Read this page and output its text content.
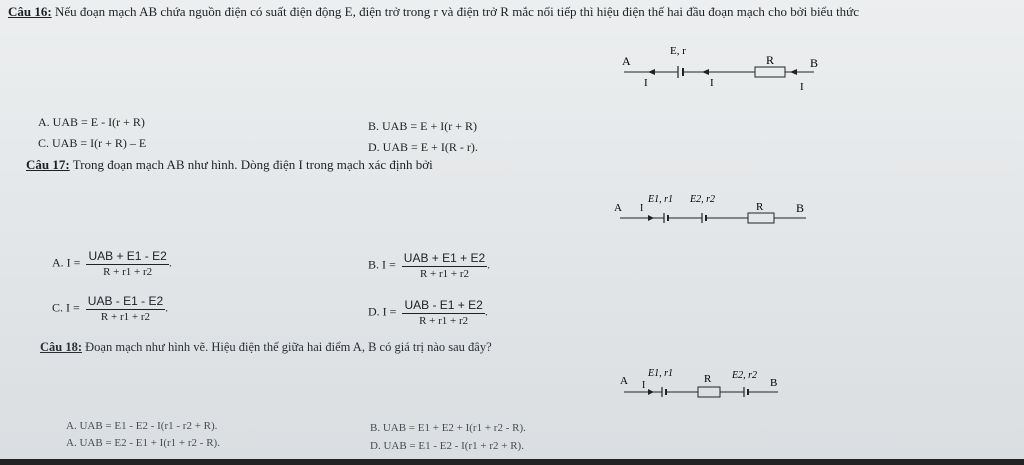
Câu 16: Nếu đoạn mạch AB chứa nguồn điện có suất điện động E, điện trở trong r và điện trở R mắc nối tiếp thì hiệu điện thế hai đầu đoạn mạch cho bởi biểu thức
A	B
E, r
R
I	I	I
A. UAB = E - I(r + R)	B. UAB = E + I(r + R)
C. UAB = I(r + R) – E	D. UAB = E + I(R - r).
Câu 17: Trong đoạn mạch AB như hình. Dòng điện I trong mạch xác định bởi
A	B
I
E1, r1 E2, r2
R
A. $I = \frac{\text{UAB + E1 - E2}}{R + r1 + r2}$ .	B. $I = \frac{\text{UAB + E1 + E2}}{R + r1 + r2}$ .
C. $I = \frac{\text{UAB - E1 - E2}}{R + r1 + r2}$ .	D. $I = \frac{\text{UAB - E1 + E2}}{R + r1 + r2}$ .
Câu 18: Đoạn mạch như hình vẽ. Hiệu điện thế giữa hai điểm A, B có giá trị nào sau đây?
A	B
I
E1, r1	R E2, r2
A. UAB = E1 - E2 - I(r1 - r2 + R).	B. UAB = E1 + E2 + I(r1 + r2 - R).
A. UAB = E2 - E1 + I(r1 + r2 - R).	D. UAB = E1 - E2 - I(r1 + r2 + R).
